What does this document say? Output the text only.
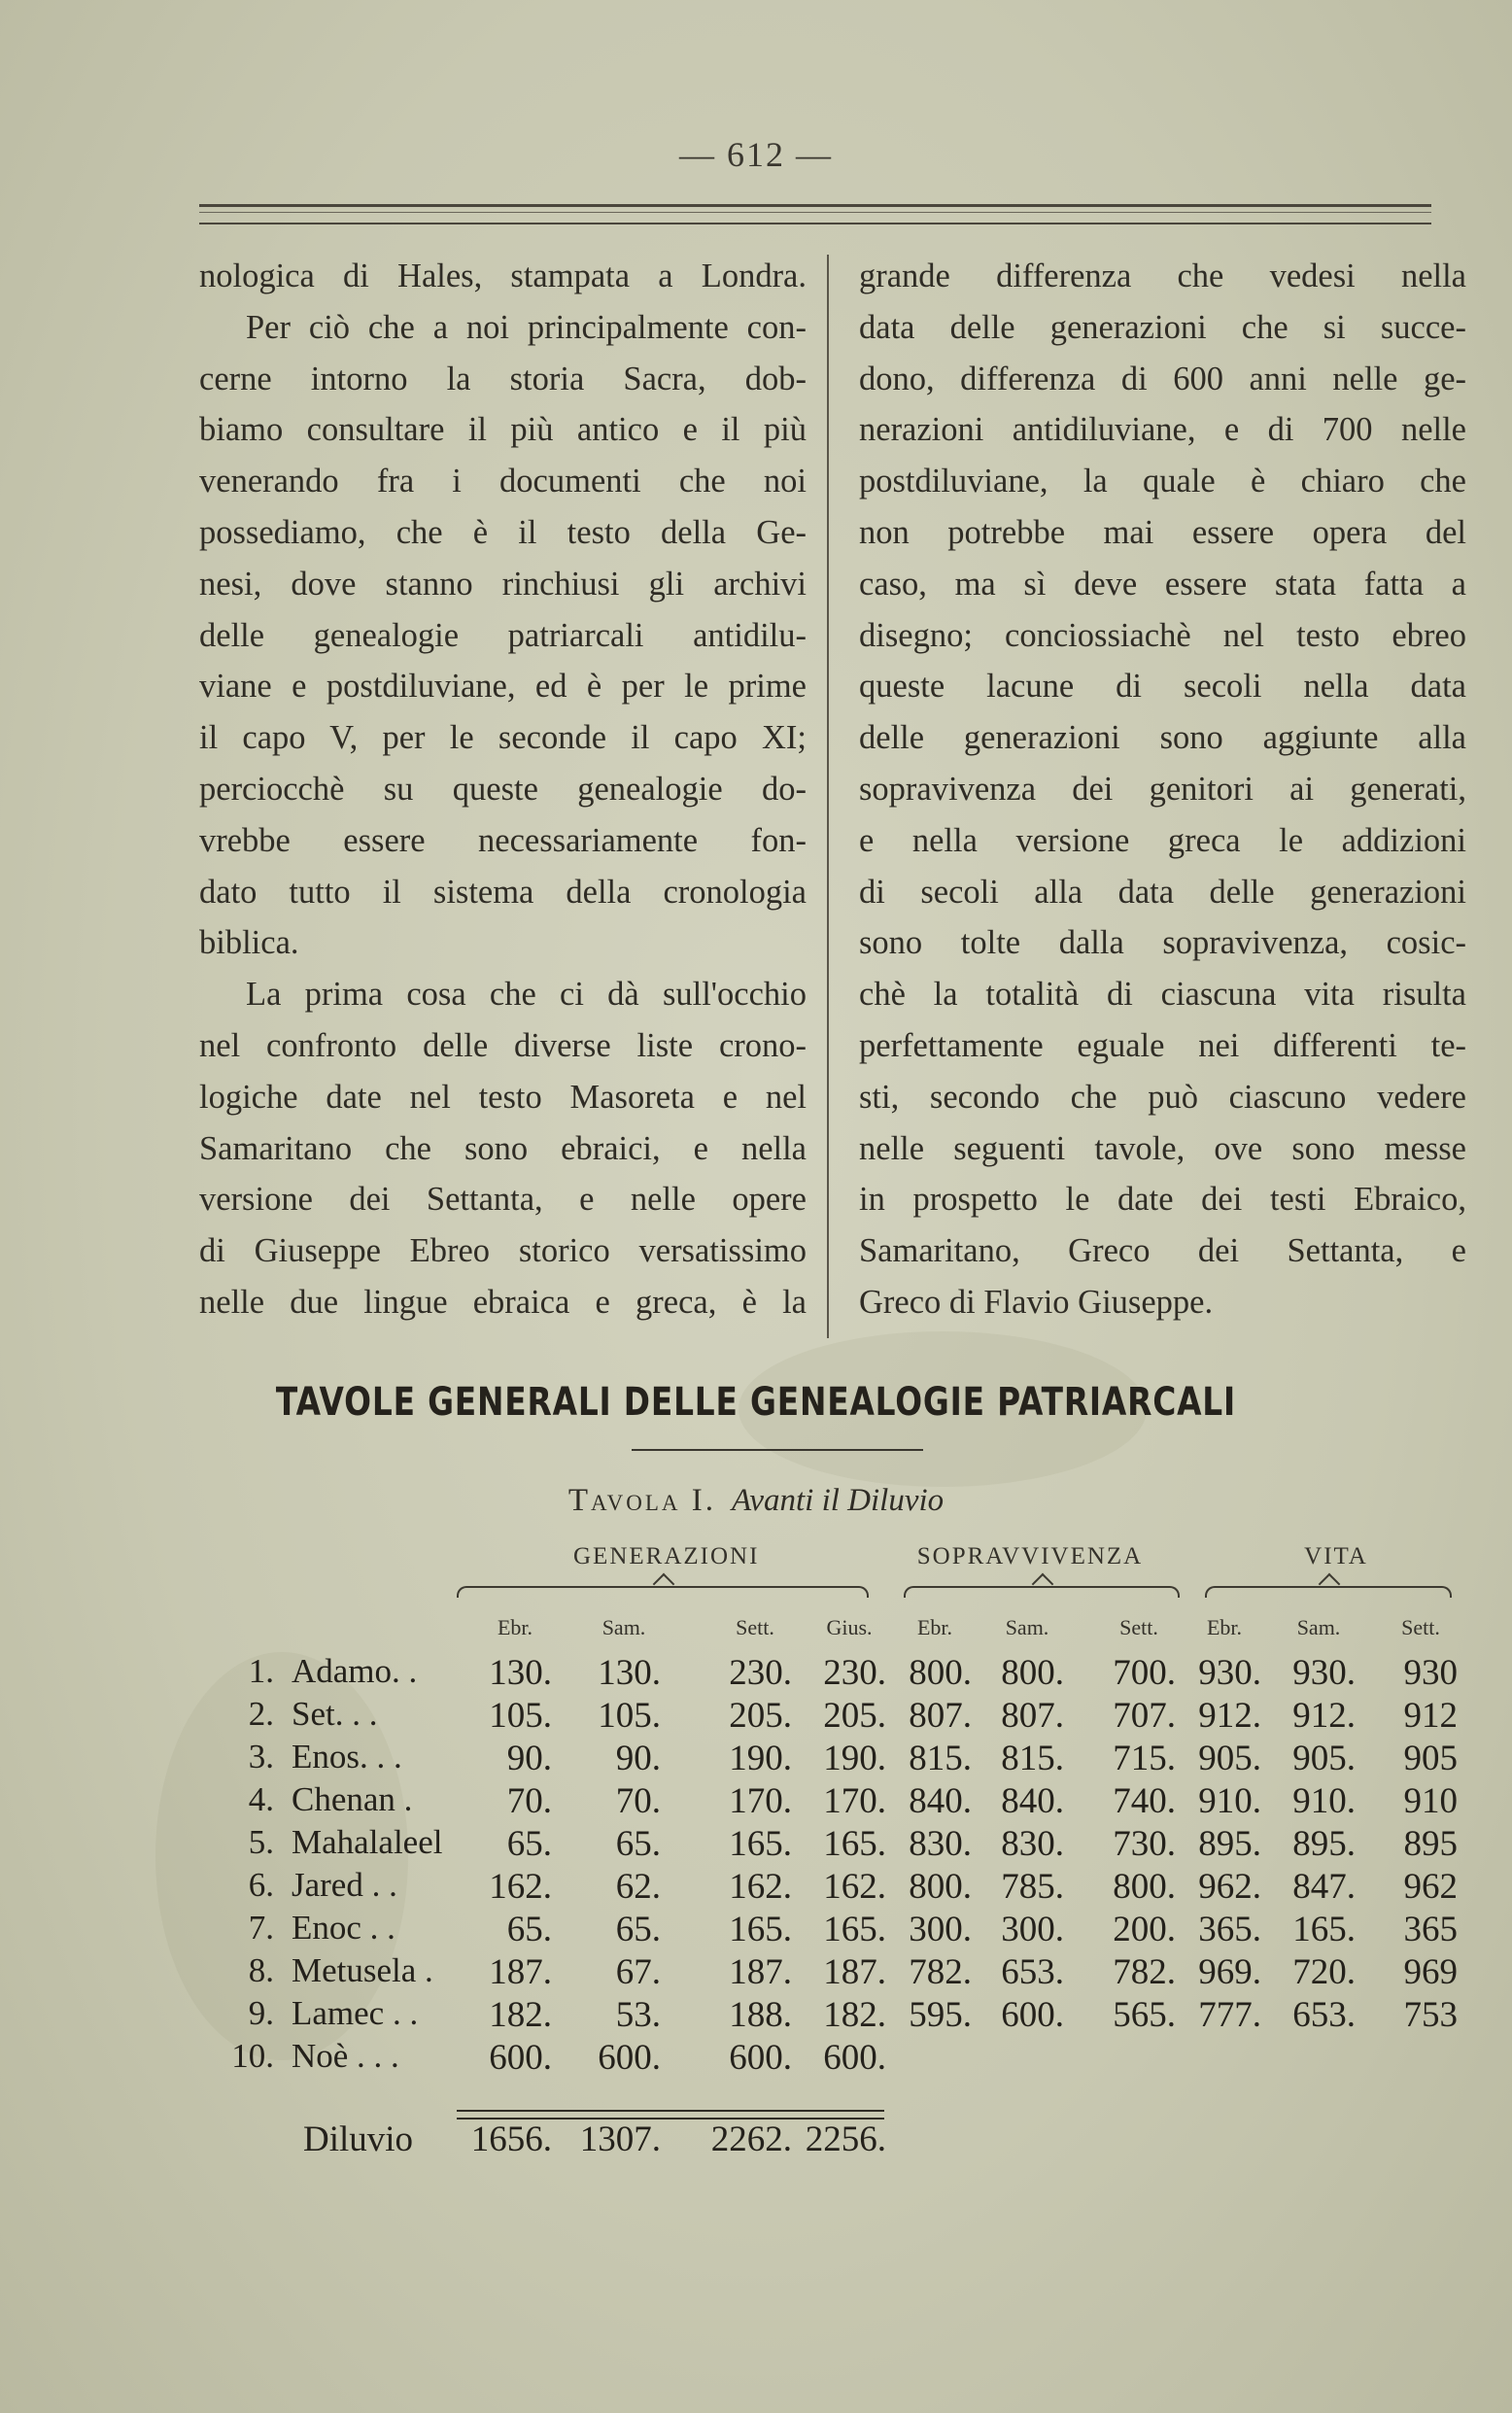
— 612 —
nologica di Hales, stampata a Londra.
Per ciò che a noi principalmente con-
cerne intorno la storia Sacra, dob-
biamo consultare il più antico e il più
venerando fra i documenti che noi
possediamo, che è il testo della Ge-
nesi, dove stanno rinchiusi gli archivi
delle genealogie patriarcali antidilu-
viane e postdiluviane, ed è per le prime
il capo V, per le seconde il capo XI;
perciocchè su queste genealogie do-
vrebbe essere necessariamente fon-
dato tutto il sistema della cronologia
biblica.
La prima cosa che ci dà sull'occhio
nel confronto delle diverse liste crono-
logiche date nel testo Masoreta e nel
Samaritano che sono ebraici, e nella
versione dei Settanta, e nelle opere
di Giuseppe Ebreo storico versatissimo
nelle due lingue ebraica e greca, è la
grande differenza che vedesi nella
data delle generazioni che si succe-
dono, differenza di 600 anni nelle ge-
nerazioni antidiluviane, e di 700 nelle
postdiluviane, la quale è chiaro che
non potrebbe mai essere opera del
caso, ma sì deve essere stata fatta a
disegno; conciossiachè nel testo ebreo
queste lacune di secoli nella data
delle generazioni sono aggiunte alla
sopravivenza dei genitori ai generati,
e nella versione greca le addizioni
di secoli alla data delle generazioni
sono tolte dalla sopravivenza, cosic-
chè la totalità di ciascuna vita risulta
perfettamente eguale nei differenti te-
sti, secondo che può ciascuno vedere
nelle seguenti tavole, ove sono messe
in prospetto le date dei testi Ebraico,
Samaritano, Greco dei Settanta, e
Greco di Flavio Giuseppe.
TAVOLE GENERALI DELLE GENEALOGIE PATRIARCALI
Tavola I. Avanti il Diluvio
GENERAZIONI	SOPRAVVIVENZA	VITA
Ebr.	Sam.	Sett.	Gius.	Ebr.	Sam.	Sett.	Ebr.	Sam.	Sett.
1. Adamo. .	130.	130.	230. 230. 800. 800.	700. 930. 930.	930
2. Set. . .	105.	105.	205. 205. 807. 807.	707. 912. 912.	912
3. Enos. . .	90.	90.	190. 190. 815. 815.	715. 905. 905.	905
4. Chenan .	70.	70.	170. 170. 840. 840.	740. 910. 910.	910
5. Mahalaleel	65.	65.	165. 165. 830. 830.	730. 895. 895.	895
6. Jared . .	162.	62.	162. 162. 800. 785.	800. 962. 847.	962
7. Enoc . .	65.	65.	165. 165. 300. 300.	200. 365. 165.	365
8. Metusela .	187.	67.	187. 187. 782. 653.	782. 969. 720.	969
9. Lamec . .	182.	53.	188. 182. 595. 600.	565. 777. 653.	753
10. Noè . . .	600.	600.	600. 600.
Diluvio	1656. 1307.	2262. 2256.
